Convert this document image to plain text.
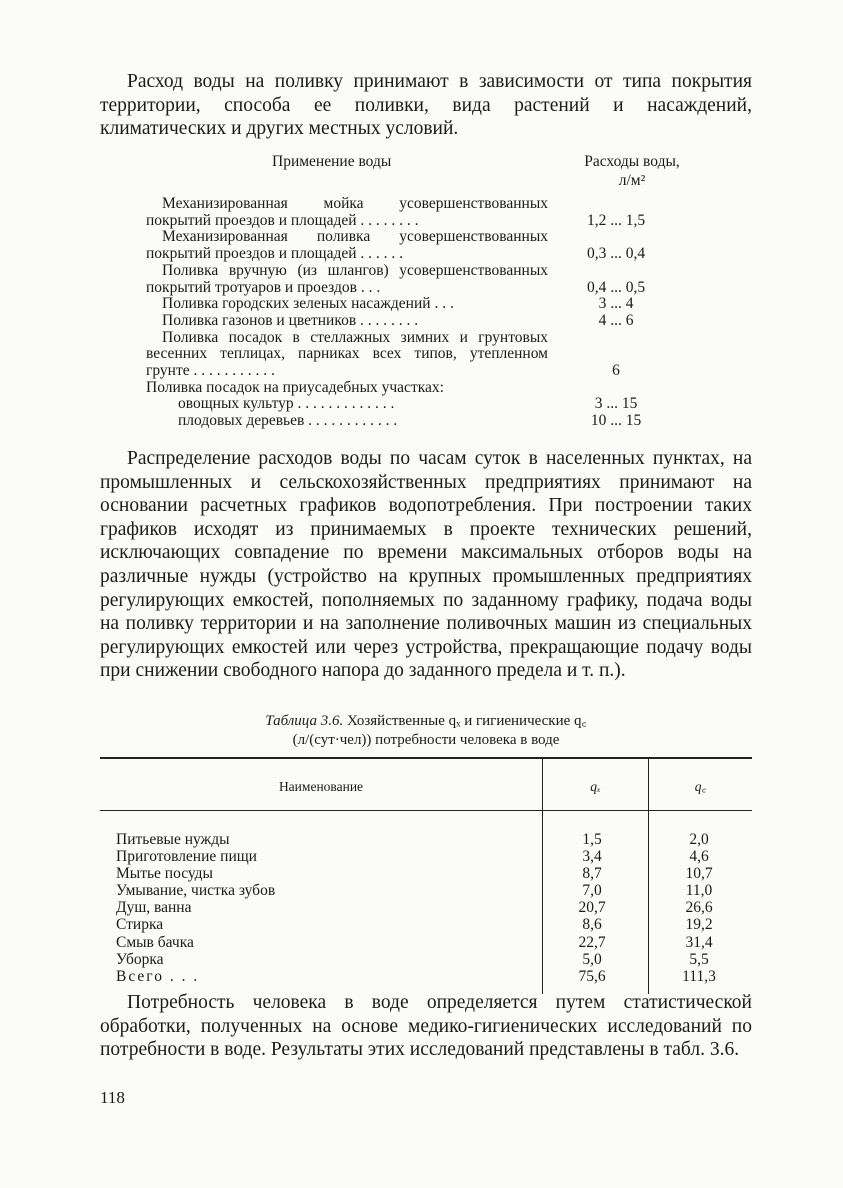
Расход воды на поливку принимают в зависимости от типа покрытия территории, способа ее поливки, вида растений и насаждений, климатических и других местных условий.

Применение воды	Расходы воды,
л/м²
Механизированная мойка усовершенствованных покрытий проездов и площадей . . . . . . . .	1,2 ... 1,5
Механизированная поливка усовершенствованных покрытий проездов и площадей . . . . . .	0,3 ... 0,4
Поливка вручную (из шлангов) усовершенствованных покрытий тротуаров и проездов . . .	0,4 ... 0,5
Поливка городских зеленых насаждений . . .	3 ... 4
Поливка газонов и цветников . . . . . . . .	4 ... 6
Поливка посадок в стеллажных зимних и грунтовых весенних теплицах, парниках всех типов, утепленном грунте . . . . . . . . . . .	6
Поливка посадок на приусадебных участках:
овощных культур . . . . . . . . . . . . .	3 ... 15
плодовых деревьев . . . . . . . . . . . .	10 ... 15

Распределение расходов воды по часам суток в населенных пунктах, на промышленных и сельскохозяйственных предприятиях принимают на основании расчетных графиков водопотребления. При построении таких графиков исходят из принимаемых в проекте технических решений, исключающих совпадение по времени максимальных отборов воды на различные нужды (устройство на крупных промышленных предприятиях регулирующих емкостей, пополняемых по заданному графику, подача воды на поливку территории и на заполнение поливочных машин из специальных регулирующих емкостей или через устройства, прекращающие подачу воды при снижении свободного напора до заданного предела и т. п.).

Таблица 3.6. Хозяйственные qₓ и гигиенические q꜀
(л/(сут·чел)) потребности человека в воде
Наименование	qₓ	q꜀
Питьевые нужды	1,5	2,0
Приготовление пищи	3,4	4,6
Мытье посуды	8,7	10,7
Умывание, чистка зубов	7,0	11,0
Душ, ванна	20,7	26,6
Стирка	8,6	19,2
Смыв бачка	22,7	31,4
Уборка	5,0	5,5
Всего . . .	75,6	111,3

Потребность человека в воде определяется путем статистической обработки, полученных на основе медико-гигиенических исследований по потребности в воде. Результаты этих исследований представлены в табл. 3.6.

118
